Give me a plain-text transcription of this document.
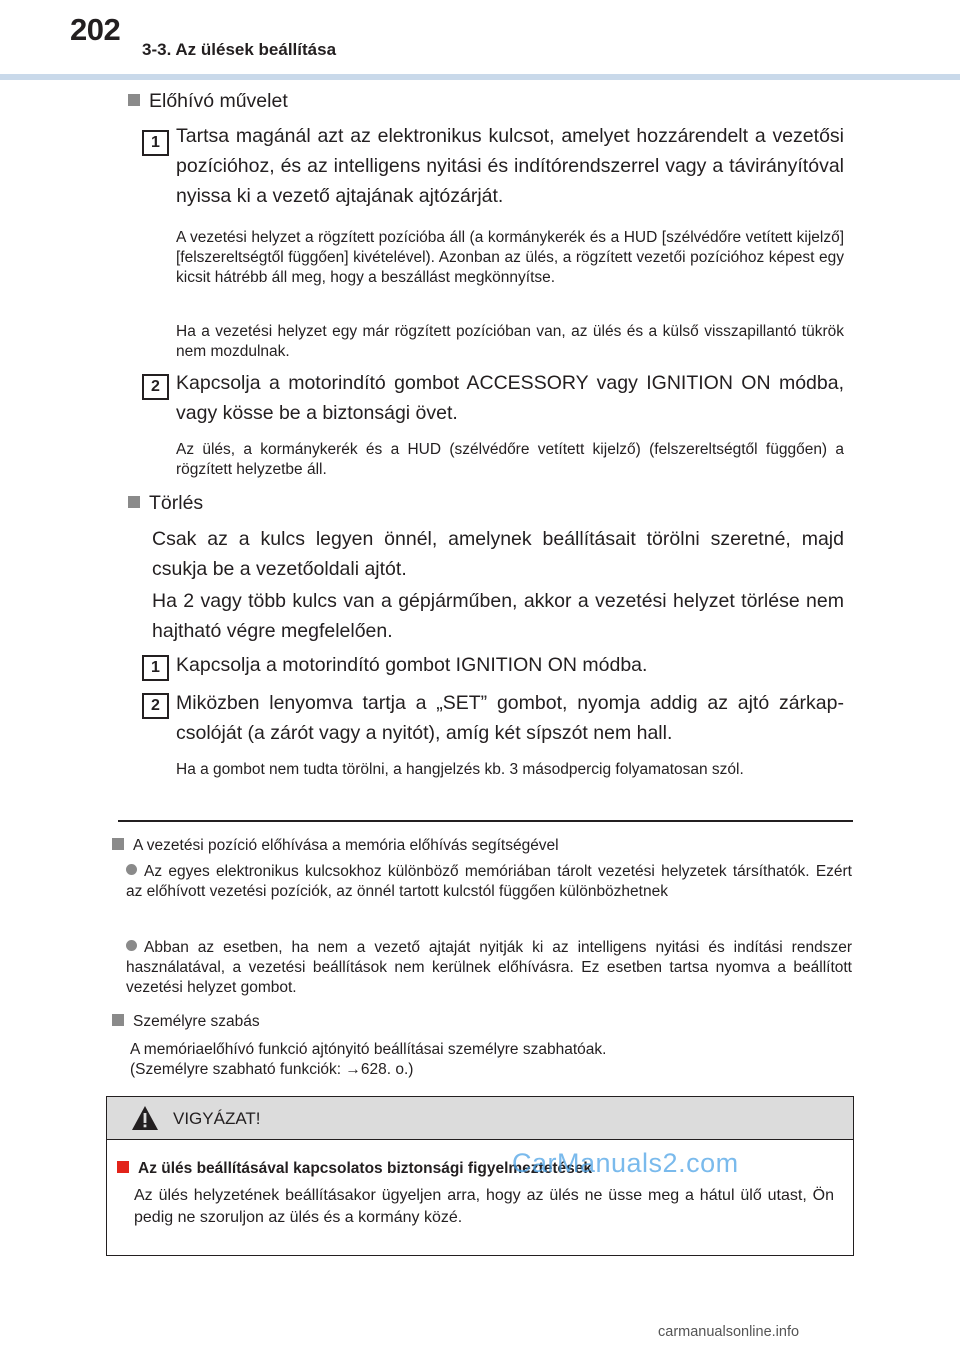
202
3-3. Az ülések beállítása
Előhívó művelet
1 Tartsa magánál azt az elektronikus kulcsot, amelyet hozzárendelt a vezetősi pozícióhoz, és az intelligens nyitási és indítórendszerrel vagy a távirányítóval nyissa ki a vezető ajtajának ajtózárját.
A vezetési helyzet a rögzített pozícióba áll (a kormánykerék és a HUD [szélvédőre vetített kijelző] [felszereltségtől függően] kivételével). Azonban az ülés, a rögzített vezetői pozícióhoz képest egy kicsit hátrébb áll meg, hogy a beszállást megkönnyítse.
Ha a vezetési helyzet egy már rögzített pozícióban van, az ülés és a külső visszapillantó tükrök nem mozdulnak.
2 Kapcsolja a motorindító gombot ACCESSORY vagy IGNITION ON módba, vagy kösse be a biztonsági övet.
Az ülés, a kormánykerék és a HUD (szélvédőre vetített kijelző) (felszereltségtől függően) a rögzített helyzetbe áll.
Törlés
Csak az a kulcs legyen önnél, amelynek beállításait törölni szeretné, majd csukja be a vezetőoldali ajtót.
Ha 2 vagy több kulcs van a gépjárműben, akkor a vezetési helyzet törlése nem hajtható végre megfelelően.
1 Kapcsolja a motorindító gombot IGNITION ON módba.
2 Miközben lenyomva tartja a „SET” gombot, nyomja addig az ajtó zárkapcsolóját (a zárót vagy a nyitót), amíg két sípszót nem hall.
Ha a gombot nem tudta törölni, a hangjelzés kb. 3 másodpercig folyamatosan szól.
A vezetési pozíció előhívása a memória előhívás segítségével
Az egyes elektronikus kulcsokhoz különböző memóriában tárolt vezetési helyzetek társíthatók. Ezért az előhívott vezetési pozíciók, az önnél tartott kulcstól függően különbözhetnek
Abban az esetben, ha nem a vezető ajtaját nyitják ki az intelligens nyitási és indítási rendszer használatával, a vezetési beállítások nem kerülnek előhívásra. Ez esetben tartsa nyomva a beállított vezetési helyzet gombot.
Személyre szabás
A memóriaelőhívó funkció ajtónyitó beállításai személyre szabhatóak.
(Személyre szabható funkciók: →628. o.)
VIGYÁZAT!
Az ülés beállításával kapcsolatos biztonsági figyelmeztetések
Az ülés helyzetének beállításakor ügyeljen arra, hogy az ülés ne üsse meg a hátul ülő utast, Ön pedig ne szoruljon az ülés és a kormány közé.
CarManuals2.com
carmanualsonline.info
